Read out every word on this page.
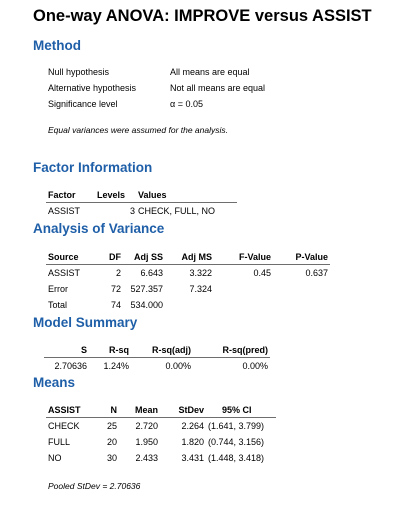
One-way ANOVA: IMPROVE versus ASSIST
Method
Null hypothesis	All means are equal
Alternative hypothesis	Not all means are equal
Significance level	α = 0.05
Equal variances were assumed for the analysis.
Factor Information
Factor Levels Values
ASSIST	3 CHECK, FULL, NO
Analysis of Variance
Source	DF	Adj SS	Adj MS	F-Value	P-Value
ASSIST	2	6.643	3.322	0.45	0.637
Error	72	527.357	7.324
Total	74	534.000
Model Summary
S	R-sq	R-sq(adj)	R-sq(pred)
2.70636	1.24%	0.00%	0.00%
Means
ASSIST	N	Mean	StDev 95% CI
CHECK	25	2.720	2.264 (1.641, 3.799)
FULL	20	1.950	1.820 (0.744, 3.156)
NO	30	2.433	3.431 (1.448, 3.418)
Pooled StDev = 2.70636
